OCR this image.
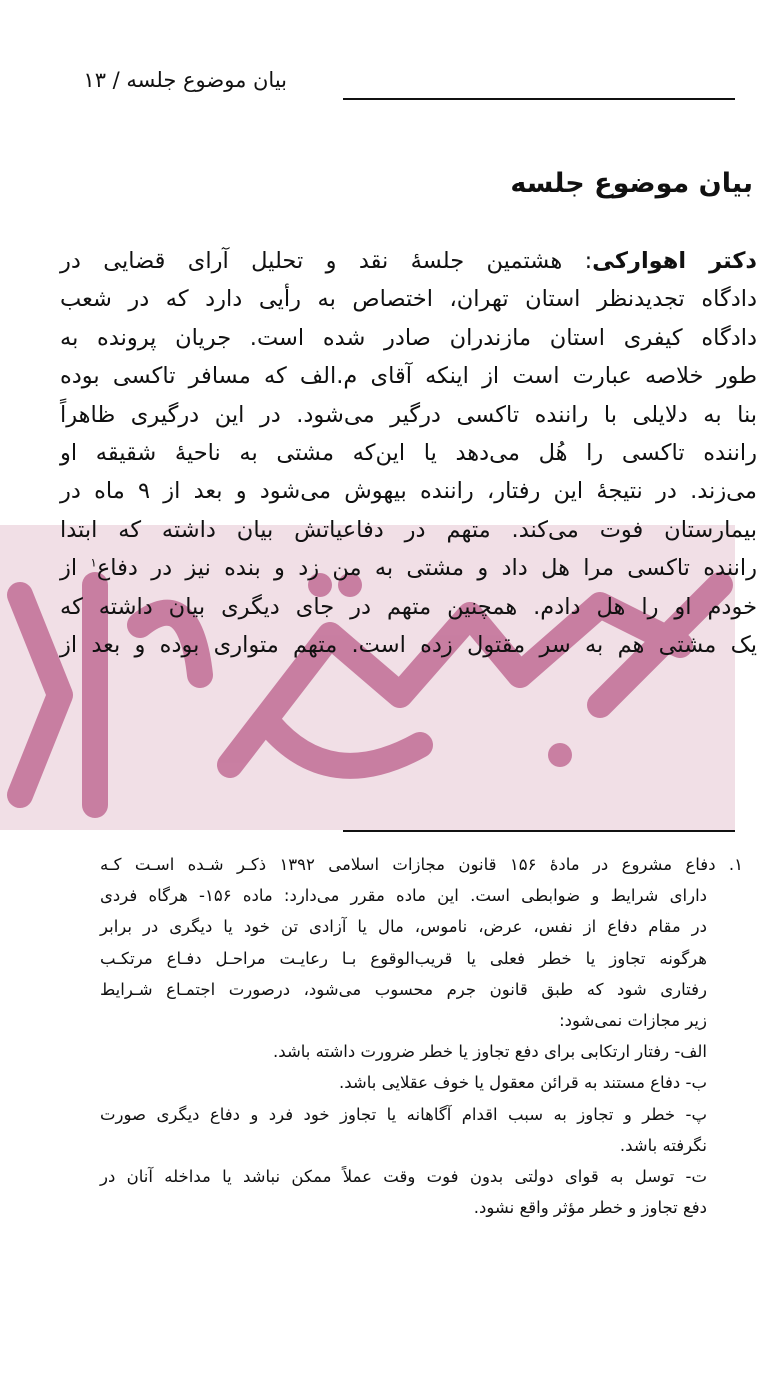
بیان موضوع جلسه / ۱۳
بیان موضوع جلسه
دکتر اهوارکی: هشتمین جلسهٔ نقد و تحلیل آرای قضایی در
دادگاه تجدیدنظر استان تهران، اختصاص به رأیی دارد که در شعب
دادگاه کیفری استان مازندران صادر شده است. جریان پرونده به
طور خلاصه عبارت است از اینکه آقای م.الف که مسافر تاکسی بوده
بنا به دلایلی با راننده تاکسی درگیر می‌شود. در این درگیری ظاهراً
راننده تاکسی را هُل می‌دهد یا این‌که مشتی به ناحیهٔ شقیقه او
می‌زند. در نتیجهٔ این رفتار، راننده بیهوش می‌شود و بعد از ۹ ماه در
بیمارستان فوت می‌کند. متهم در دفاعیاتش بیان داشته که ابتدا
راننده تاکسی مرا هل داد و مشتی به من زد و بنده نیز در دفاع$^۱$ از
خودم او را هل دادم. همچنین متهم در جای دیگری بیان داشته که
یک مشتی هم به سر مقتول زده است. متهم متواری بوده و بعد از
۱. دفاع مشروع در مادهٔ ۱۵۶ قانون مجازات اسلامی ۱۳۹۲ ذکـر شـده اسـت کـه
دارای شرایط و ضوابطی است. این ماده مقرر می‌دارد: ماده ۱۵۶- هرگاه فردی
در مقام دفاع از نفس، عرض، ناموس، مال یا آزادی تن خود یا دیگری در برابر
هرگونه تجاوز یا خطر فعلی یا قریب‌الوقوع بـا رعایـت مراحـل دفـاع مرتکـب
رفتاری شود که طبق قانون جرم محسوب می‌شود، درصورت اجتمـاع شـرایط
زیر مجازات نمی‌شود:
الف- رفتار ارتکابی برای دفع تجاوز یا خطر ضرورت داشته باشد.
ب- دفاع مستند به قرائن معقول یا خوف عقلایی باشد.
پ- خطر و تجاوز به سبب اقدام آگاهانه یا تجاوز خود فرد و دفاع دیگری صورت
نگرفته باشد.
ت- توسل به قوای دولتی بدون فوت وقت عملاً ممکن نباشد یا مداخله آنان در
دفع تجاوز و خطر مؤثر واقع نشود.
